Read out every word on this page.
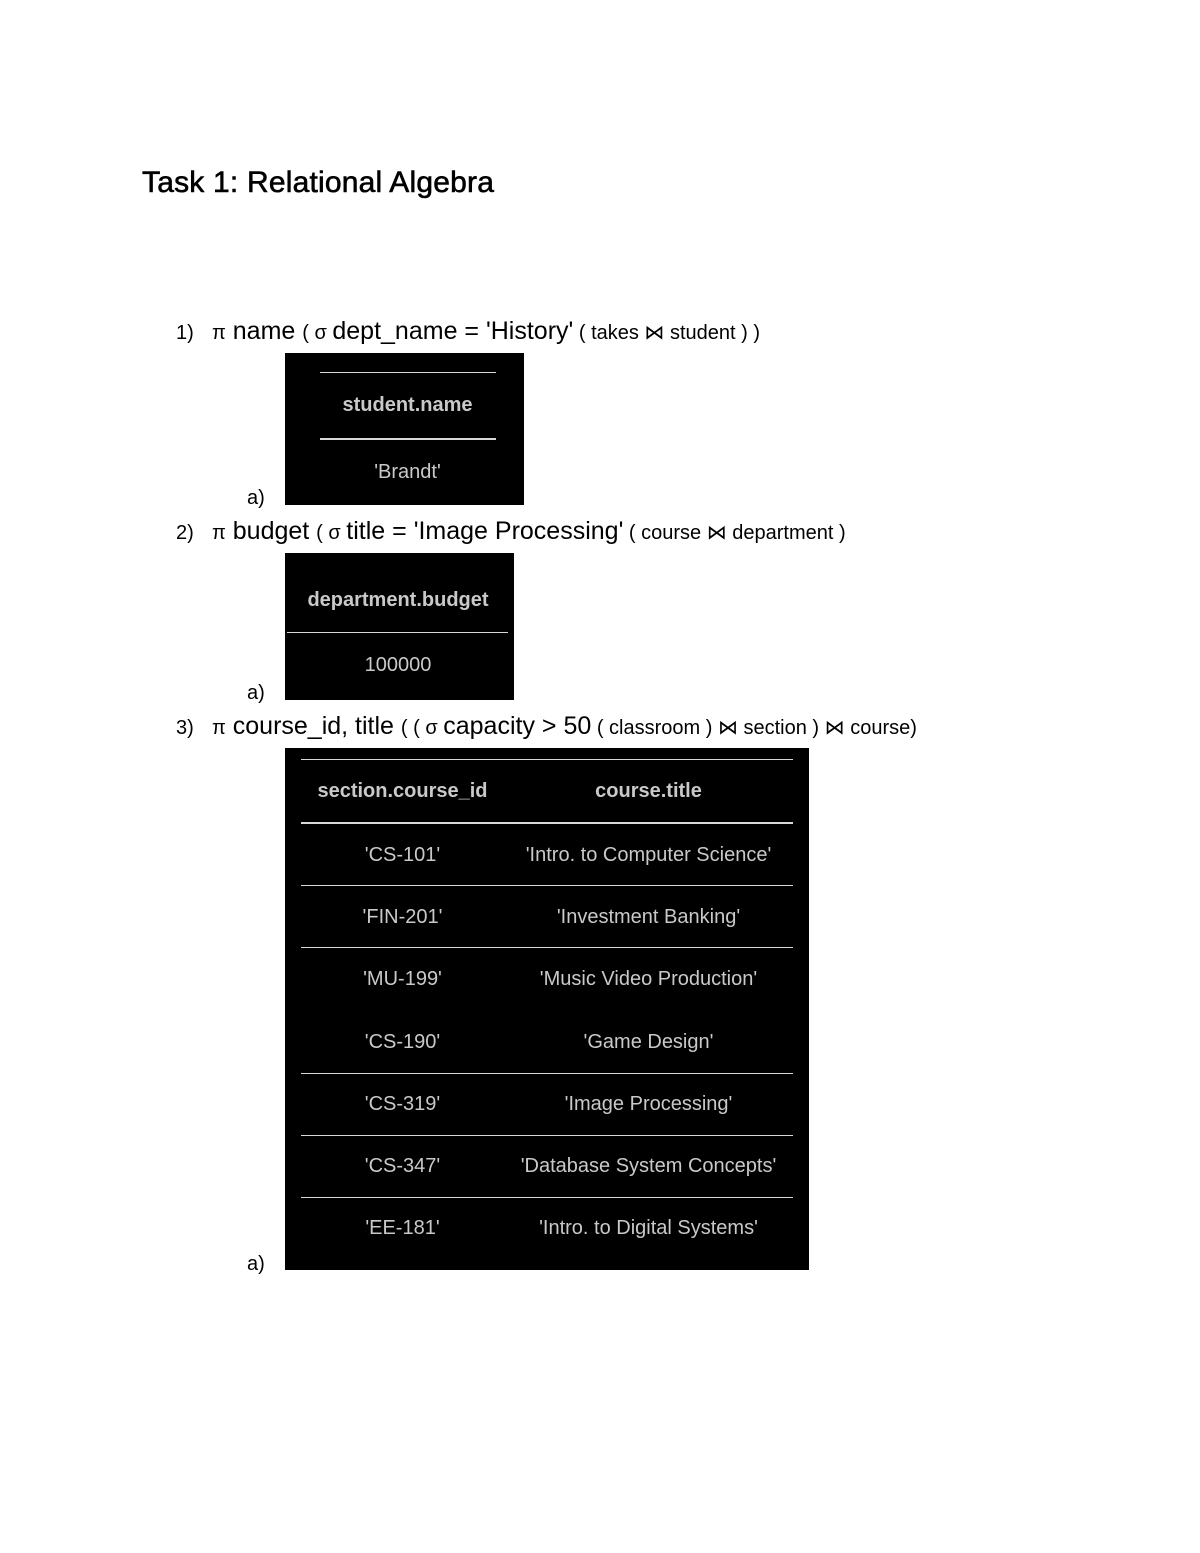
Task 1: Relational Algebra
1) π name ( σ dept_name = 'History' ( takes ⋈ student ) )
student.name
'Brandt'
a)
2) π budget ( σ title = 'Image Processing' ( course ⋈ department )
department.budget
100000
a)
3) π course_id, title ( ( σ capacity > 50 ( classroom ) ⋈ section ) ⋈ course)
section.course_id	course.title
'CS-101'	'Intro. to Computer Science'
'FIN-201'	'Investment Banking'
'MU-199'	'Music Video Production'
'CS-190'	'Game Design'
'CS-319'	'Image Processing'
'CS-347'	'Database System Concepts'
'EE-181'	'Intro. to Digital Systems'
a)
